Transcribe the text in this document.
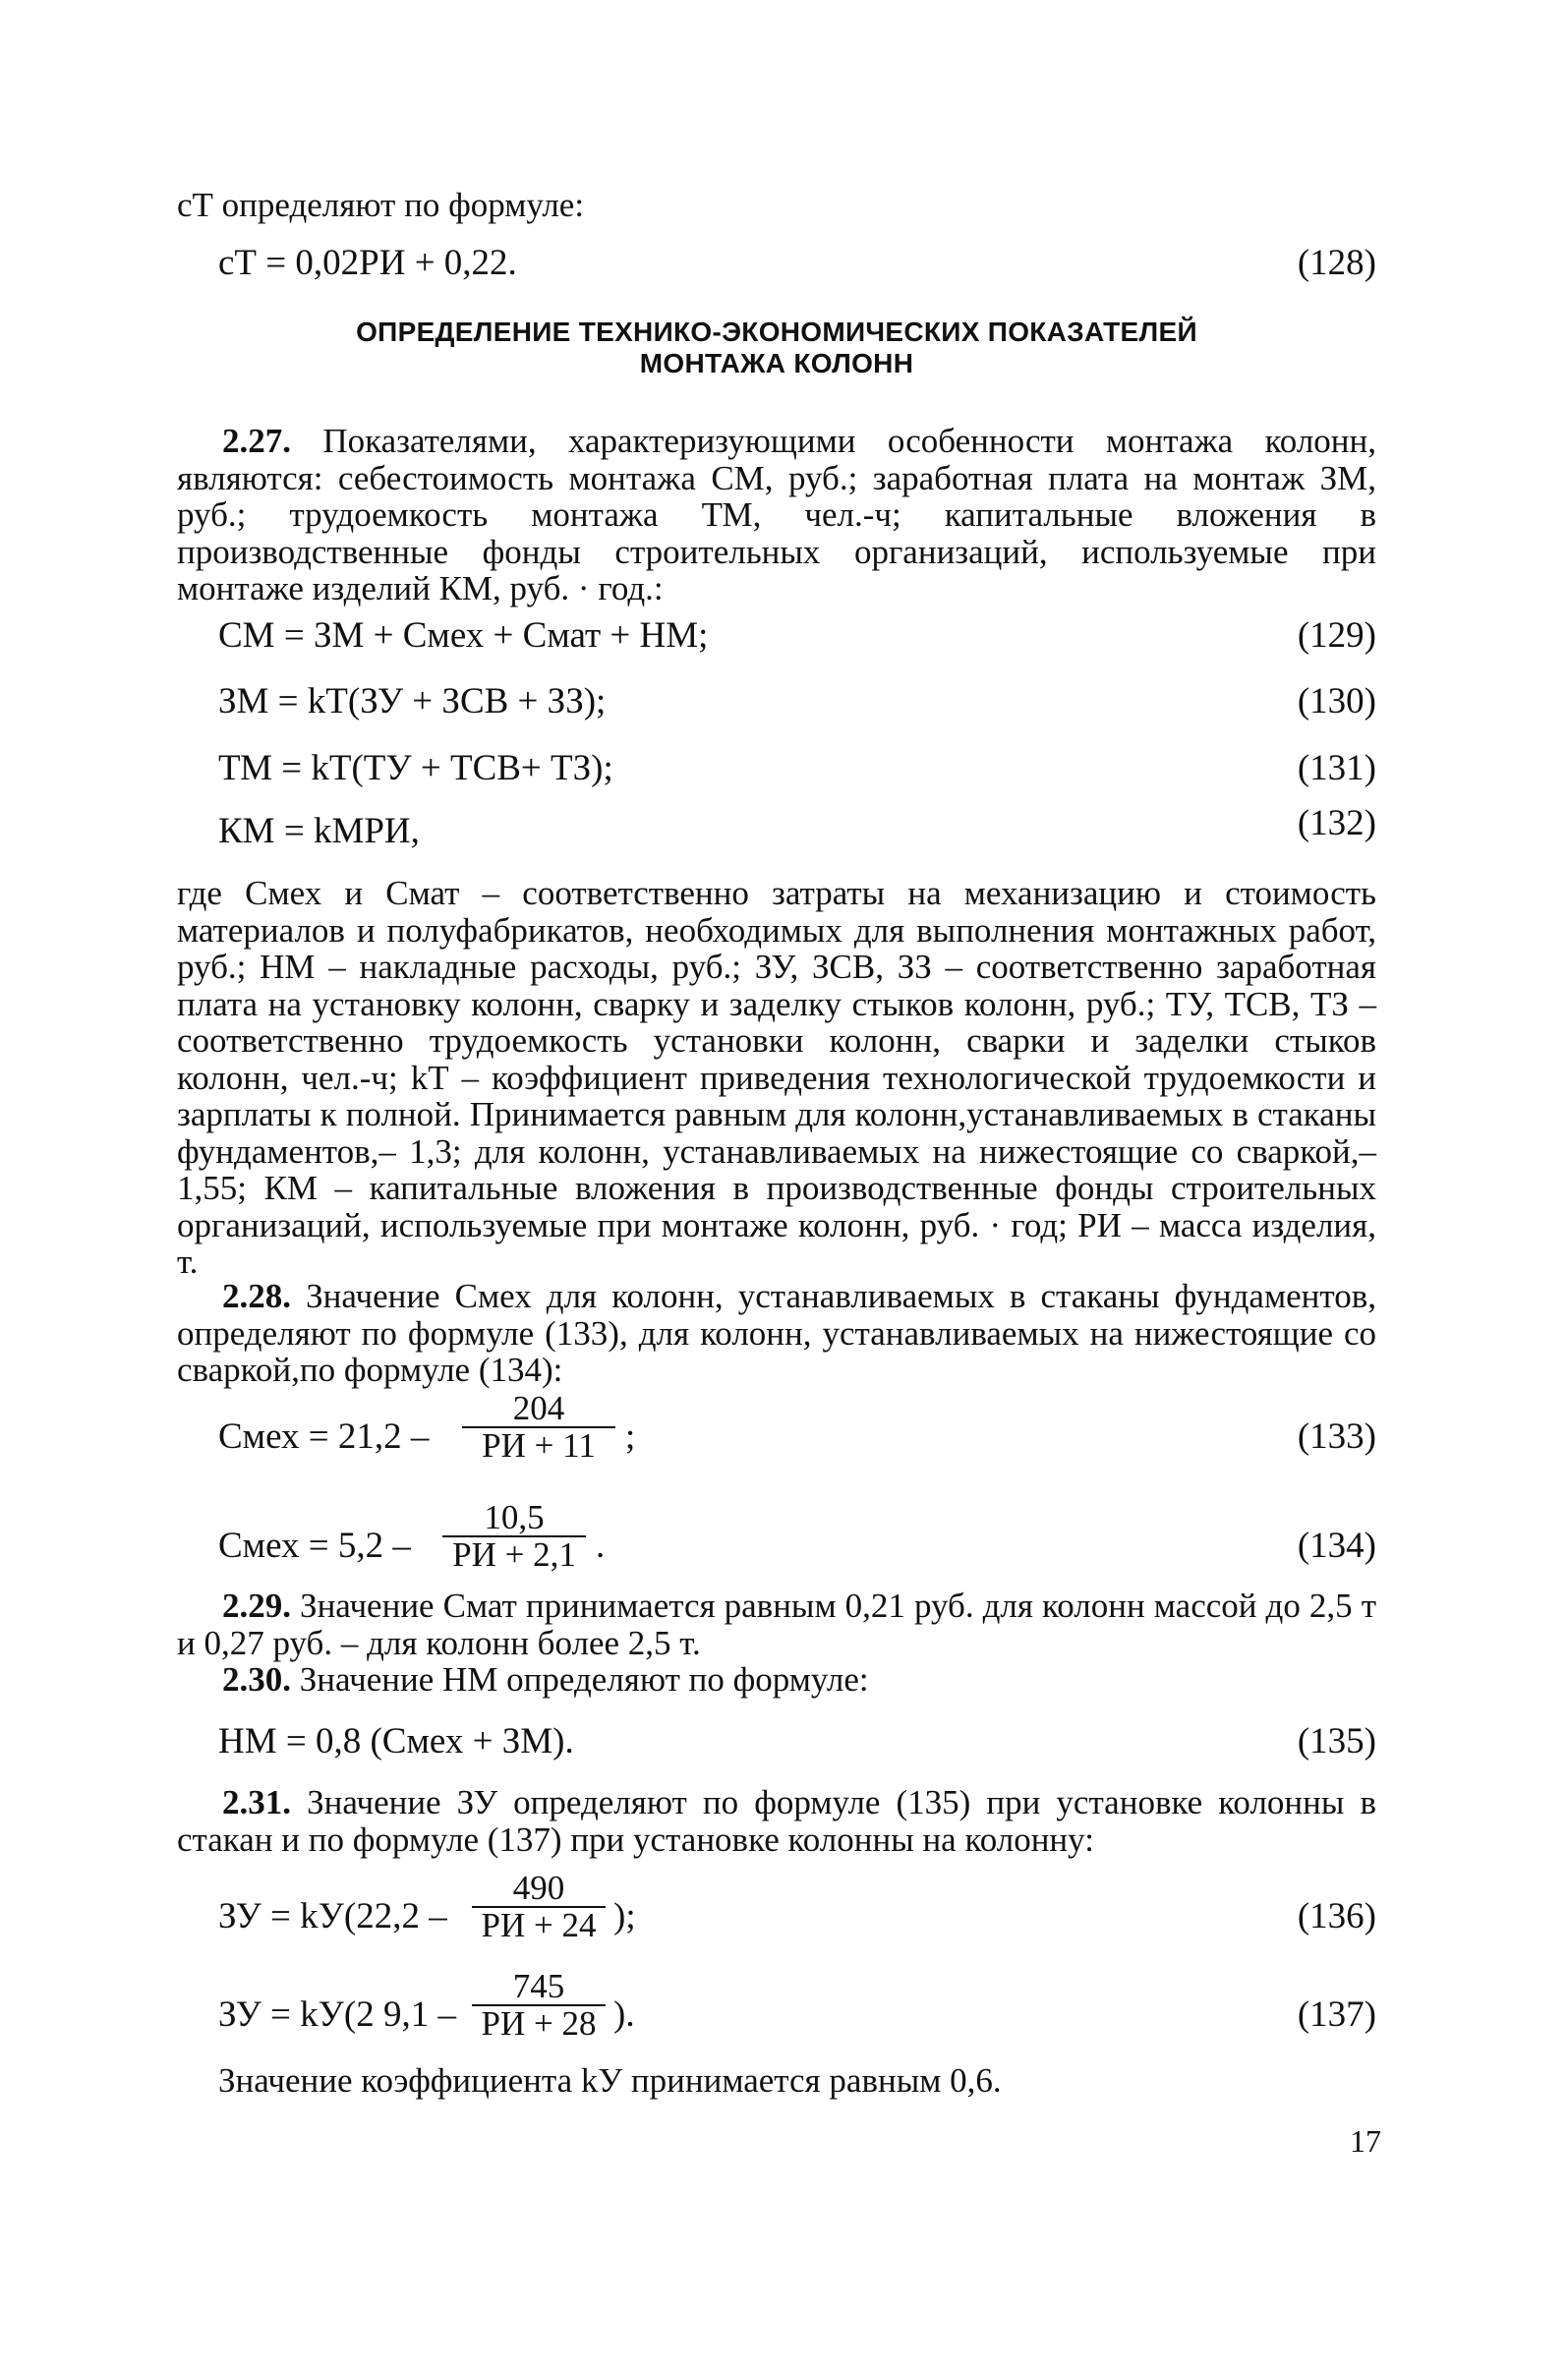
сТ определяют по формуле:
сТ = 0,02РИ + 0,22.	(128)
ОПРЕДЕЛЕНИЕ ТЕХНИКО-ЭКОНОМИЧЕСКИХ ПОКАЗАТЕЛЕЙ
МОНТАЖА КОЛОНН
2.27. Показателями, характеризующими особенности монтажа колонн, являются: себестоимость монтажа СМ, руб.; заработная плата на монтаж ЗМ, руб.; трудоемкость монтажа ТМ, чел.-ч; капитальные вложения в производственные фонды строительных организаций, используемые при монтаже изделий КМ, руб. · год.:
СМ = ЗМ + Смех + Смат + НМ;	(129)
ЗМ = kТ(ЗУ + ЗСВ + ЗЗ);	(130)
ТМ = kТ(ТУ + ТСВ+ ТЗ);	(131)
КМ = kМРИ,	(132)
где Смех и Смат – соответственно затраты на механизацию и стоимость материалов и полуфабрикатов, необходимых для выполнения монтажных работ, руб.; НМ – накладные расходы, руб.; ЗУ, ЗСВ, ЗЗ – соответственно заработная плата на установку колонн, сварку и заделку стыков колонн, руб.; ТУ, ТСВ, ТЗ – соответственно трудоемкость установки колонн, сварки и заделки стыков колонн, чел.-ч; kТ – коэффициент приведения технологической трудоемкости и зарплаты к полной. Принимается равным для колонн,устанавливаемых в стаканы фундаментов,– 1,3; для колонн, устанавливаемых на нижестоящие со сваркой,– 1,55; КМ – капитальные вложения в производственные фонды строительных организаций, используемые при монтаже колонн, руб. · год; РИ – масса изделия, т.
2.28. Значение Смех для колонн, устанавливаемых в стаканы фундаментов, определяют по формуле (133), для колонн, устанавливаемых на нижестоящие со сваркой,по формуле (134):
Смех = 21,2 –
204
РИ + 11 ;	(133)
Смех = 5,2 –
10,5
РИ + 2,1 .	(134)
2.29. Значение Смат принимается равным 0,21 руб. для колонн массой до 2,5 т и 0,27 руб. – для колонн более 2,5 т.
2.30. Значение НМ определяют по формуле:
НМ = 0,8 (Смех + ЗМ).	(135)
2.31. Значение ЗУ определяют по формуле (135) при установке колонны в стакан и по формуле (137) при установке колонны на колонну:
ЗУ = kУ(22,2 –
490
РИ + 24 );	(136)
ЗУ = kУ(2 9,1 –
745
РИ + 28 ).	(137)
Значение коэффициента kУ принимается равным 0,6.
17
